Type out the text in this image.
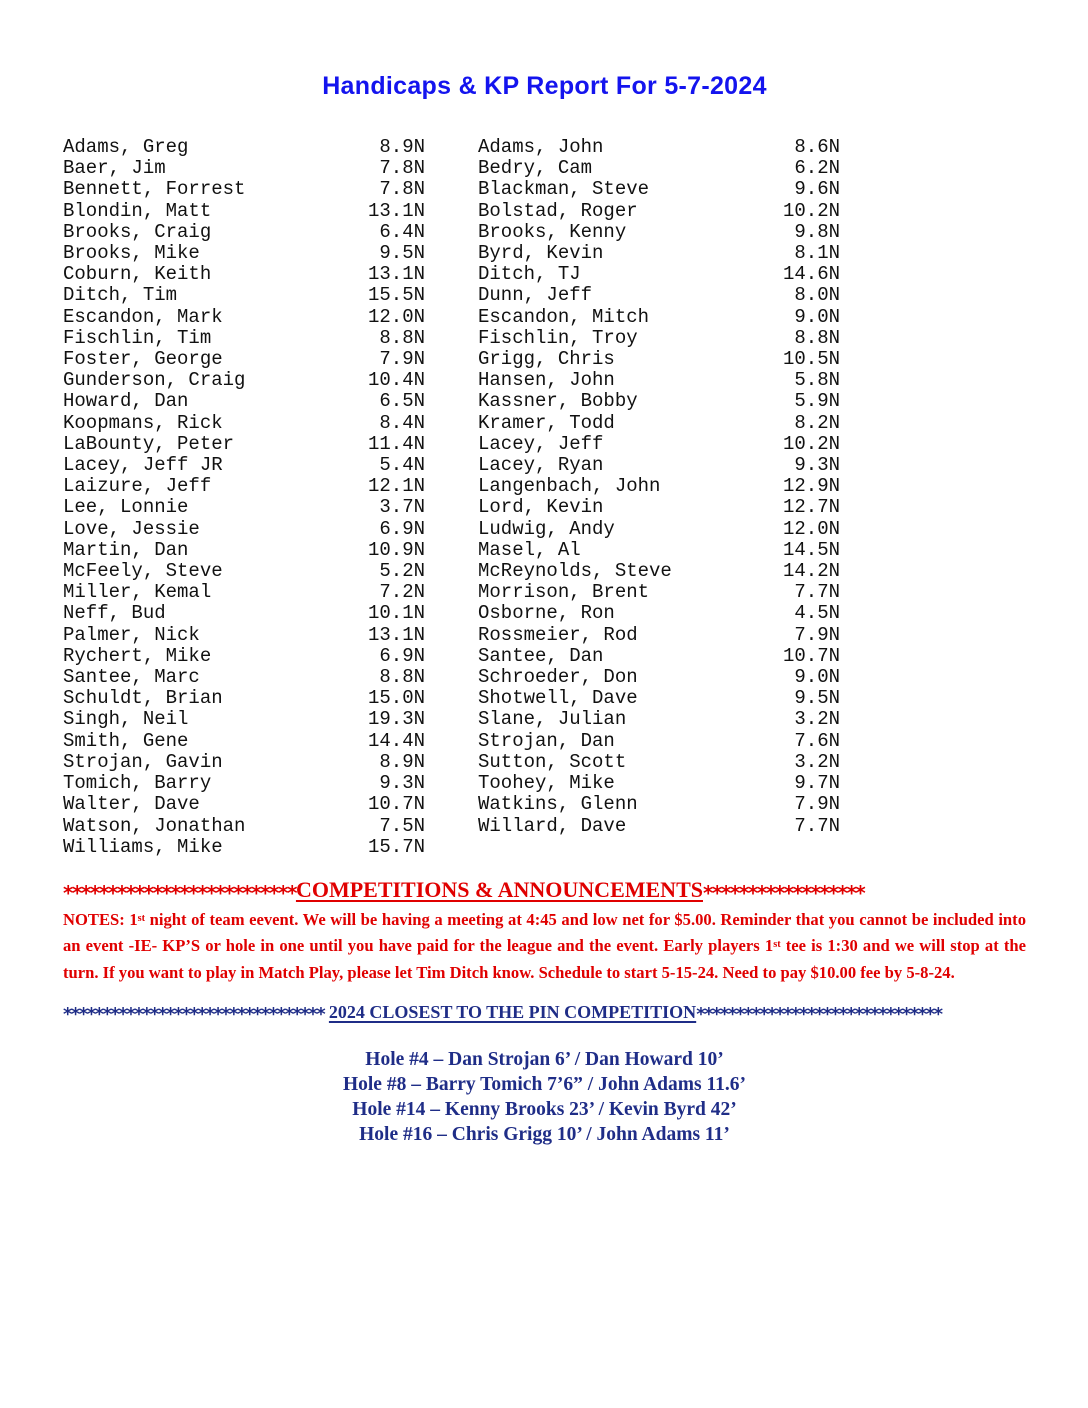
Handicaps & KP Report For 5-7-2024
Adams, Greg	8.9N
Baer, Jim	7.8N
Bennett, Forrest	7.8N
Blondin, Matt	13.1N
Brooks, Craig	6.4N
Brooks, Mike	9.5N
Coburn, Keith	13.1N
Ditch, Tim	15.5N
Escandon, Mark	12.0N
Fischlin, Tim	8.8N
Foster, George	7.9N
Gunderson, Craig	10.4N
Howard, Dan	6.5N
Koopmans, Rick	8.4N
LaBounty, Peter	11.4N
Lacey, Jeff JR	5.4N
Laizure, Jeff	12.1N
Lee, Lonnie	3.7N
Love, Jessie	6.9N
Martin, Dan	10.9N
McFeely, Steve	5.2N
Miller, Kemal	7.2N
Neff, Bud	10.1N
Palmer, Nick	13.1N
Rychert, Mike	6.9N
Santee, Marc	8.8N
Schuldt, Brian	15.0N
Singh, Neil	19.3N
Smith, Gene	14.4N
Strojan, Gavin	8.9N
Tomich, Barry	9.3N
Walter, Dave	10.7N
Watson, Jonathan	7.5N
Williams, Mike	15.7N
Adams, John	8.6N
Bedry, Cam	6.2N
Blackman, Steve	9.6N
Bolstad, Roger	10.2N
Brooks, Kenny	9.8N
Byrd, Kevin	8.1N
Ditch, TJ	14.6N
Dunn, Jeff	8.0N
Escandon, Mitch	9.0N
Fischlin, Troy	8.8N
Grigg, Chris	10.5N
Hansen, John	5.8N
Kassner, Bobby	5.9N
Kramer, Todd	8.2N
Lacey, Jeff	10.2N
Lacey, Ryan	9.3N
Langenbach, John	12.9N
Lord, Kevin	12.7N
Ludwig, Andy	12.0N
Masel, Al	14.5N
McReynolds, Steve	14.2N
Morrison, Brent	7.7N
Osborne, Ron	4.5N
Rossmeier, Rod	7.9N
Santee, Dan	10.7N
Schroeder, Don	9.0N
Shotwell, Dave	9.5N
Slane, Julian	3.2N
Strojan, Dan	7.6N
Sutton, Scott	3.2N
Toohey, Mike	9.7N
Watkins, Glenn	7.9N
Willard, Dave	7.7N
**************************COMPETITIONS & ANNOUNCEMENTS******************

NOTES: 1st night of team eevent. We will be having a meeting at 4:45 and low net for $5.00. Reminder that you cannot be included into an event -IE- KP’S or hole in one until you have paid for the league and the event. Early players 1st tee is 1:30 and we will stop at the turn. If you want to play in Match Play, please let Tim Ditch know. Schedule to start 5-15-24. Need to pay $10.00 fee by 5-8-24.

********************************* 2024 CLOSEST TO THE PIN COMPETITION*******************************
Hole #4 – Dan Strojan 6’ / Dan Howard 10’
Hole #8 – Barry Tomich 7’6” / John Adams 11.6’
Hole #14 – Kenny Brooks 23’ / Kevin Byrd 42’
Hole #16 – Chris Grigg 10’ / John Adams 11’
